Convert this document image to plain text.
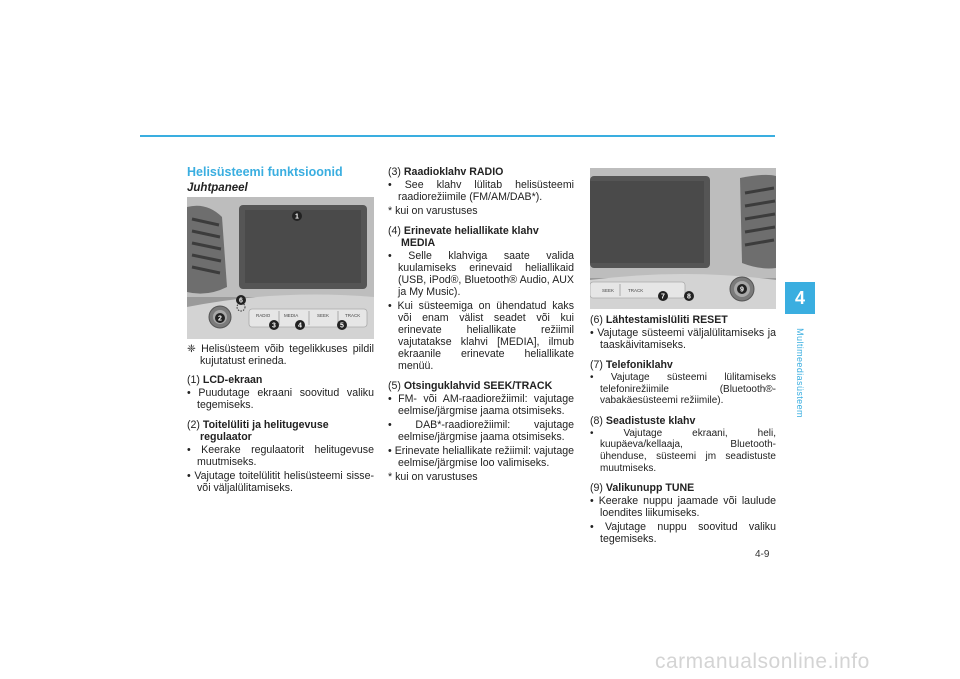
4
Multimeediasüsteem
Helisüsteemi funktsioonid
Juhtpaneel
RADIO	MEDIA	SEEK	TRACK
1
2
3	4	5
6
❈ Helisüsteem võib tegelikkuses pildil kujutatust erineda.
(1) LCD-ekraan
• Puudutage ekraani soovitud valiku tegemiseks.
(2) Toitelüliti ja helitugevuse
regulaator
• Keerake regulaatorit helitugevuse muutmiseks.
• Vajutage toitelülitit helisüsteemi sisse- või väljalülitamiseks.
(3) Raadioklahv RADIO
• See klahv lülitab helisüsteemi raadiorežiimile (FM/AM/DAB*).
* kui on varustuses
(4) Erinevate heliallikate klahv
MEDIA
• Selle klahviga saate valida kuulamiseks erinevaid heliallikaid (USB, iPod®, Bluetooth® Audio, AUX ja My Music).
• Kui süsteemiga on ühendatud kaks või enam välist seadet või kui erinevate heliallikate režiimil vajutatakse klahvi [MEDIA], ilmub ekraanile erinevate heliallikate menüü.
(5) Otsinguklahvid SEEK/TRACK
• FM- või AM-raadiorežiimil: vajutage eelmise/järgmise jaama otsimiseks.
• DAB*-raadiorežiimil: vajutage eelmise/järgmise jaama otsimiseks.
• Erinevate heliallikate režiimil: vajutage eelmise/järgmise loo valimiseks.
* kui on varustuses
SEEK	TRACK
7	8
9
(6) Lähtestamislüliti RESET
• Vajutage süsteemi väljalülitamiseks ja taaskäivitamiseks.
(7) Telefoniklahv
• Vajutage süsteemi lülitamiseks telefonirežiimile (Bluetooth®-vabakäesüsteemi režiimile).
(8) Seadistuste klahv
• Vajutage ekraani, heli, kuupäeva/kellaaja, Bluetooth-ühenduse, süsteemi jm seadistuste muutmiseks.
(9) Valikunupp TUNE
• Keerake nuppu jaamade või laulude loendites liikumiseks.
• Vajutage nuppu soovitud valiku tegemiseks.
4-9
carmanualsonline.info
